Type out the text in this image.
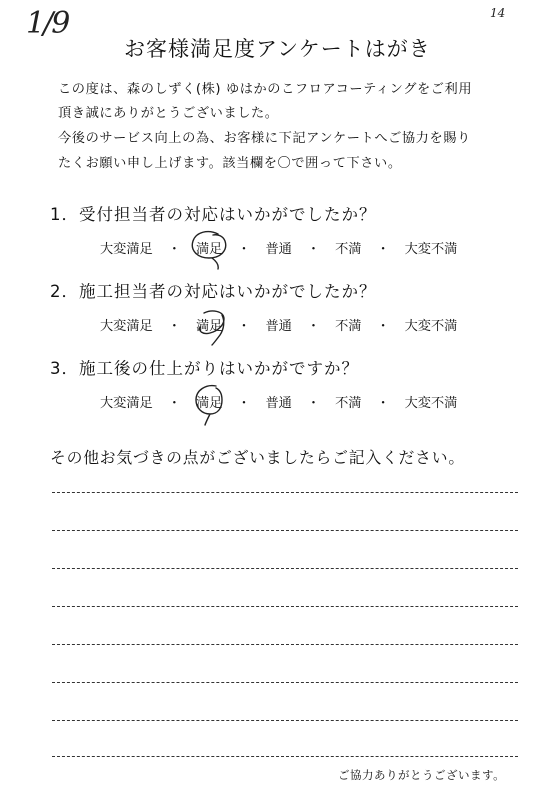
1/9	14
お客様満足度アンケートはがき
この度は、森のしずく(株) ゆはかのこフロアコーティングをご利用
頂き誠にありがとうございました。
今後のサービス向上の為、お客様に下記アンケートへご協力を賜り
たくお願い申し上げます。該当欄を〇で囲って下さい。
1．受付担当者の対応はいかがでしたか？
大変満足 ・ 満足 ・ 普通 ・ 不満 ・ 大変不満
2．施工担当者の対応はいかがでしたか？
大変満足 ・ 満足 ・ 普通 ・ 不満 ・ 大変不満
3．施工後の仕上がりはいかがですか？
大変満足 ・ 満足 ・ 普通 ・ 不満 ・ 大変不満
その他お気づきの点がございましたらご記入ください。
ご協力ありがとうございます。
